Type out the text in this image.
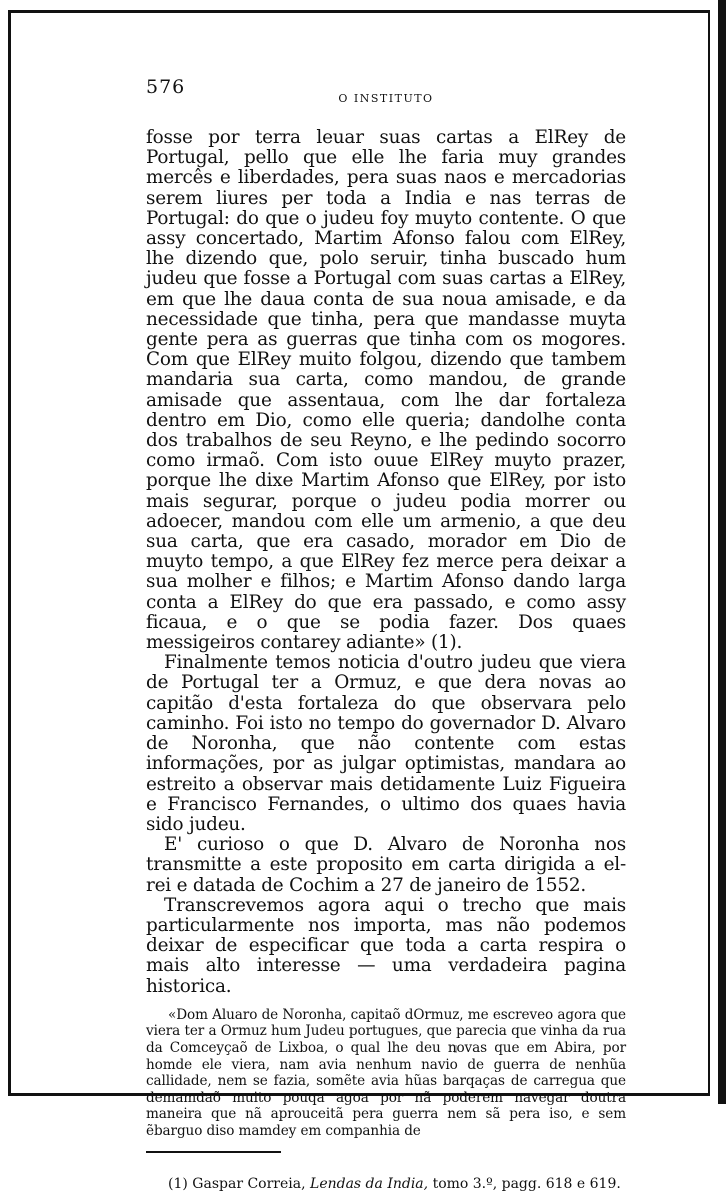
576
O INSTITUTO

fosse por terra leuar suas cartas a ElRey de Portugal, pello que elle lhe faria muy grandes mercês e liberdades, pera suas naos e mercadorias serem liures per toda a India e nas terras de Portugal: do que o judeu foy muyto contente. O que assy concertado, Martim Afonso falou com ElRey, lhe dizendo que, polo seruir, tinha buscado hum judeu que fosse a Portugal com suas cartas a ElRey, em que lhe daua conta de sua noua amisade, e da necessidade que tinha, pera que mandasse muyta gente pera as guerras que tinha com os mogores. Com que ElRey muito folgou, dizendo que tambem mandaria sua carta, como mandou, de grande amisade que assentaua, com lhe dar fortaleza dentro em Dio, como elle queria; dandolhe conta dos trabalhos de seu Reyno, e lhe pedindo socorro como irmaõ. Com isto ouue ElRey muyto prazer, porque lhe dixe Martim Afonso que ElRey, por isto mais segurar, porque o judeu podia morrer ou adoecer, mandou com elle um armenio, a que deu sua carta, que era casado, morador em Dio de muyto tempo, a que ElRey fez merce pera deixar a sua molher e filhos; e Martim Afonso dando larga conta a ElRey do que era passado, e como assy ficaua, e o que se podia fazer. Dos quaes messigeiros contarey adiante» (1).

Finalmente temos noticia d'outro judeu que viera de Portugal ter a Ormuz, e que dera novas ao capitão d'esta fortaleza do que observara pelo caminho. Foi isto no tempo do governador D. Alvaro de Noronha, que não contente com estas informações, por as julgar optimistas, mandara ao estreito a observar mais detidamente Luiz Figueira e Francisco Fernandes, o ultimo dos quaes havia sido judeu.

E' curioso o que D. Alvaro de Noronha nos transmitte a este proposito em carta dirigida a el-rei e datada de Cochim a 27 de janeiro de 1552.

Transcrevemos agora aqui o trecho que mais particularmente nos importa, mas não podemos deixar de especificar que toda a carta respira o mais alto interesse — uma verdadeira pagina historica.

«Dom Aluaro de Noronha, capitaõ dOrmuz, me escreveo agora que viera ter a Ormuz hum Judeu portugues, que parecia que vinha da rua da Comceyçaõ de Lixboa, o qual lhe deu novas que em Abira, por homde ele viera, nam avia nenhum navio de guerra de nenhũa callidade, nem se fazia, somẽte avia hũas barqaças de carregua que demamdaõ muito pouqa agoa por nã poderem navegar doutra maneira que nã aprouceitã pera guerra nem sã pera iso, e sem ẽbarguo diso mamdey em companhia de

(1) Gaspar Correia, Lendas da India, tomo 3.º, pagg. 618 e 619.
